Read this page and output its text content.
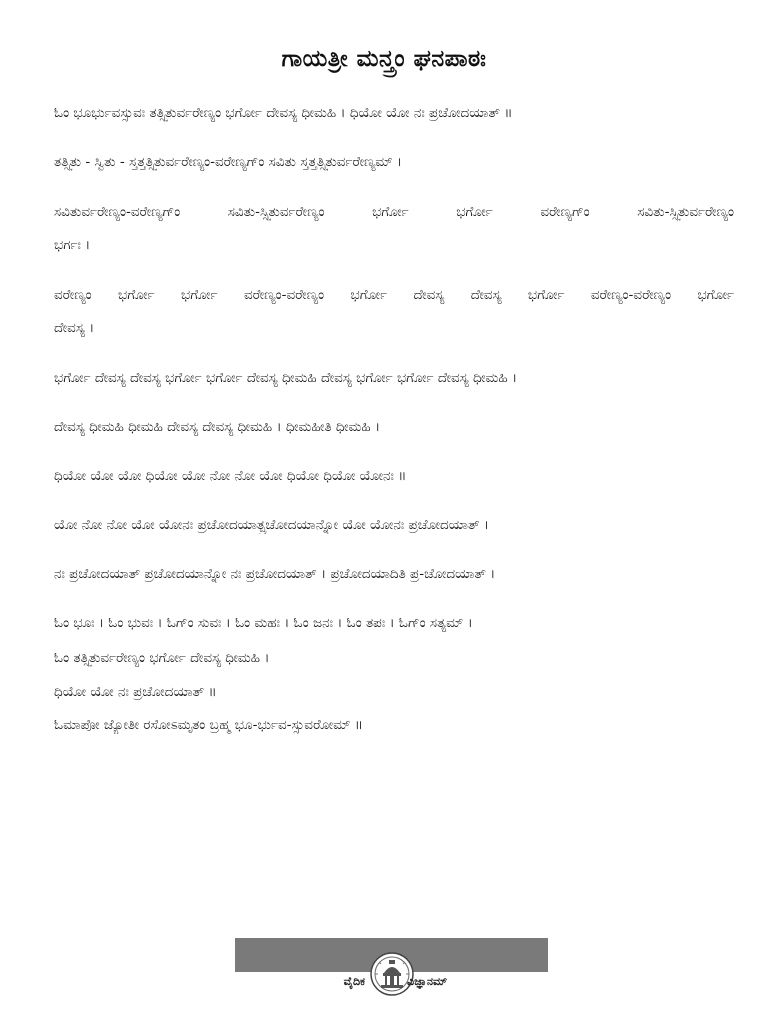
ಗಾಯತ್ರೀ ಮನ್ತ್ರಂ ಘನಪಾಠಃ
ಓಂ ಭೂರ್ಭುವಸ್ಸುವಃ ತತ್ಸ್ವಿತುರ್ವರೇಣ್ಯಂ ಭರ್ಗೋ ದೇವಸ್ಯ ಧೀಮಹಿ । ಧಿಯೋ ಯೋ ನಃ ಪ್ರಚೋದಯಾತ್ ॥
ತತ್ಸ್ವಿತು - ಸ್ವಿತು - ಸ್ತತ್ತತ್ಸ್ವಿತುರ್ವರೇಣ್ಯಂ-ವರೇಣ್ಯಗ್ಂ ಸವಿತು ಸ್ತತ್ತತ್ಸ್ವಿತುರ್ವರೇಣ್ಯಮ್ ।
ಸವಿತುರ್ವರೇಣ್ಯಂ-ವರೇಣ್ಯಗ್ಂ ಸವಿತು-ಸ್ಸ್ವಿತುರ್ವರೇಣ್ಯಂ ಭರ್ಗೋ ಭರ್ಗೋ ವರೇಣ್ಯಗ್ಂ ಸವಿತು-ಸ್ಸ್ವಿತುರ್ವರೇಣ್ಯಂ
ಭರ್ಗಃ ।
ವರೇಣ್ಯಂ ಭರ್ಗೋ ಭರ್ಗೋ ವರೇಣ್ಯಂ-ವರೇಣ್ಯಂ ಭರ್ಗೋ ದೇವಸ್ಯ ದೇವಸ್ಯ ಭರ್ಗೋ ವರೇಣ್ಯಂ-ವರೇಣ್ಯಂ ಭರ್ಗೋ
ದೇವಸ್ಯ ।
ಭರ್ಗೋ ದೇವಸ್ಯ ದೇವಸ್ಯ ಭರ್ಗೋ ಭರ್ಗೋ ದೇವಸ್ಯ ಧೀಮಹಿ ದೇವಸ್ಯ ಭರ್ಗೋ ಭರ್ಗೋ ದೇವಸ್ಯ ಧೀಮಹಿ ।
ದೇವಸ್ಯ ಧೀಮಹಿ ಧೀಮಹಿ ದೇವಸ್ಯ ದೇವಸ್ಯ ಧೀಮಹಿ । ಧೀಮಹೀತಿ ಧೀಮಹಿ ।
ಧಿಯೋ ಯೋ ಯೋ ಧಿಯೋ ಯೋ ನೋ ನೋ ಯೋ ಧಿಯೋ ಧಿಯೋ ಯೋನಃ ॥
ಯೋ ನೋ ನೋ ಯೋ ಯೋನಃ ಪ್ರಚೋದಯಾತ್ಪ್ರಚೋದಯಾನ್ನೋ ಯೋ ಯೋನಃ ಪ್ರಚೋದಯಾತ್ ।
ನಃ ಪ್ರಚೋದಯಾತ್ ಪ್ರಚೋದಯಾನ್ನೋ ನಃ ಪ್ರಚೋದಯಾತ್ । ಪ್ರಚೋದಯಾದಿತಿ ಪ್ರ-ಚೋದಯಾತ್ ।
ಓಂ ಭೂಃ । ಓಂ ಭುವಃ । ಓಗ್ಂ ಸುವಃ । ಓಂ ಮಹಃ । ಓಂ ಜನಃ । ಓಂ ತಪಃ । ಓಗ್ಂ ಸತ್ಯಮ್ ।
ಓಂ ತತ್ಸ್ವಿತುರ್ವರೇಣ್ಯಂ ಭರ್ಗೋ ದೇವಸ್ಯ ಧೀಮಹಿ ।
ಧಿಯೋ ಯೋ ನಃ ಪ್ರಚೋದಯಾತ್ ॥
ಓಮಾಪೋ ಜ್ಯೋತೀ ರಸೋಽಮೃತಂ ಬ್ರಹ್ಮ ಭೂ-ರ್ಭುವ-ಸ್ಸುವರೋಮ್ ॥
ವೈದಿಕ	ವಿಜ್ಞಾನಮ್
